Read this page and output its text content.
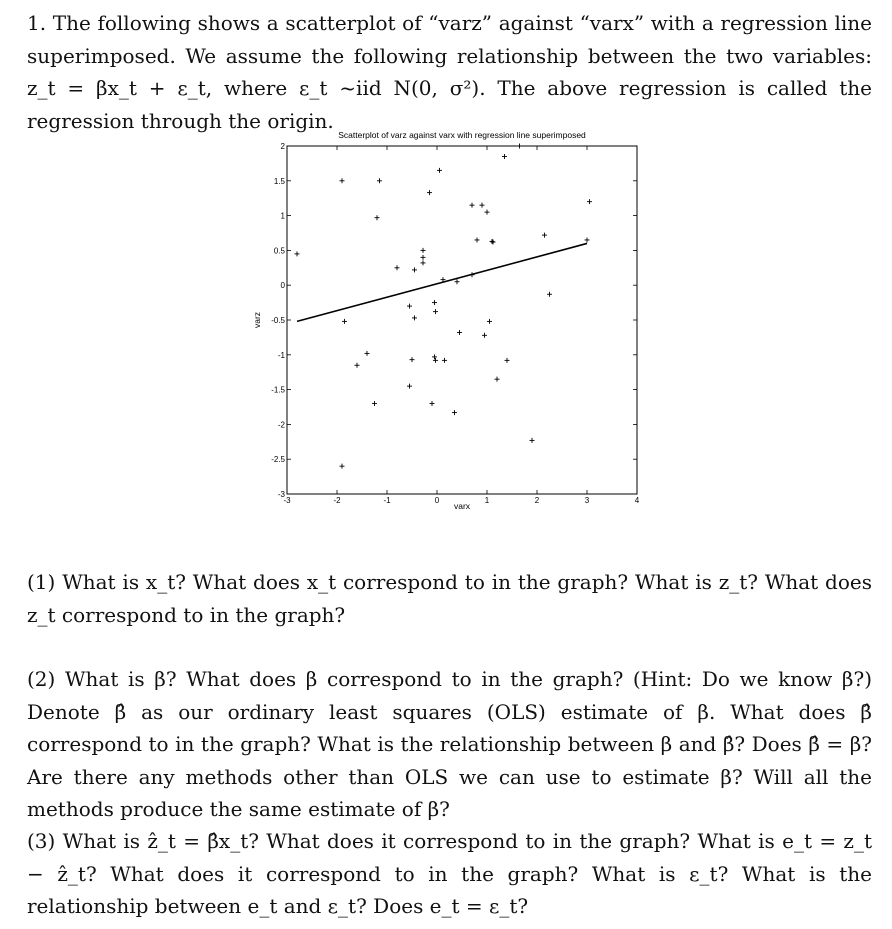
1. The following shows a scatterplot of “varz” against “varx” with a regression line superimposed. We assume the following relationship between the two variables: z_t = βx_t + ε_t, where ε_t ~iid N(0, σ²). The above regression is called the regression through the origin.

Scatterplot of varz against varx with regression line superimposed
-3	-2	-1	0	1	2	3	4
-3
-2.5
-2
-1.5
-1
-0.5
0
0.5
1
1.5
2
varx
varz

(1) What is x_t? What does x_t correspond to in the graph? What is z_t? What does z_t correspond to in the graph?

(2) What is β? What does β correspond to in the graph? (Hint: Do we know β?) Denote β̂ as our ordinary least squares (OLS) estimate of β. What does β̂ correspond to in the graph? What is the relationship between β and β̂? Does β̂ = β? Are there any methods other than OLS we can use to estimate β? Will all the methods produce the same estimate of β?

(3) What is ẑ_t = β̂x_t? What does it correspond to in the graph? What is e_t = z_t − ẑ_t? What does it correspond to in the graph? What is ε_t? What is the relationship between e_t and ε_t? Does e_t = ε_t?
